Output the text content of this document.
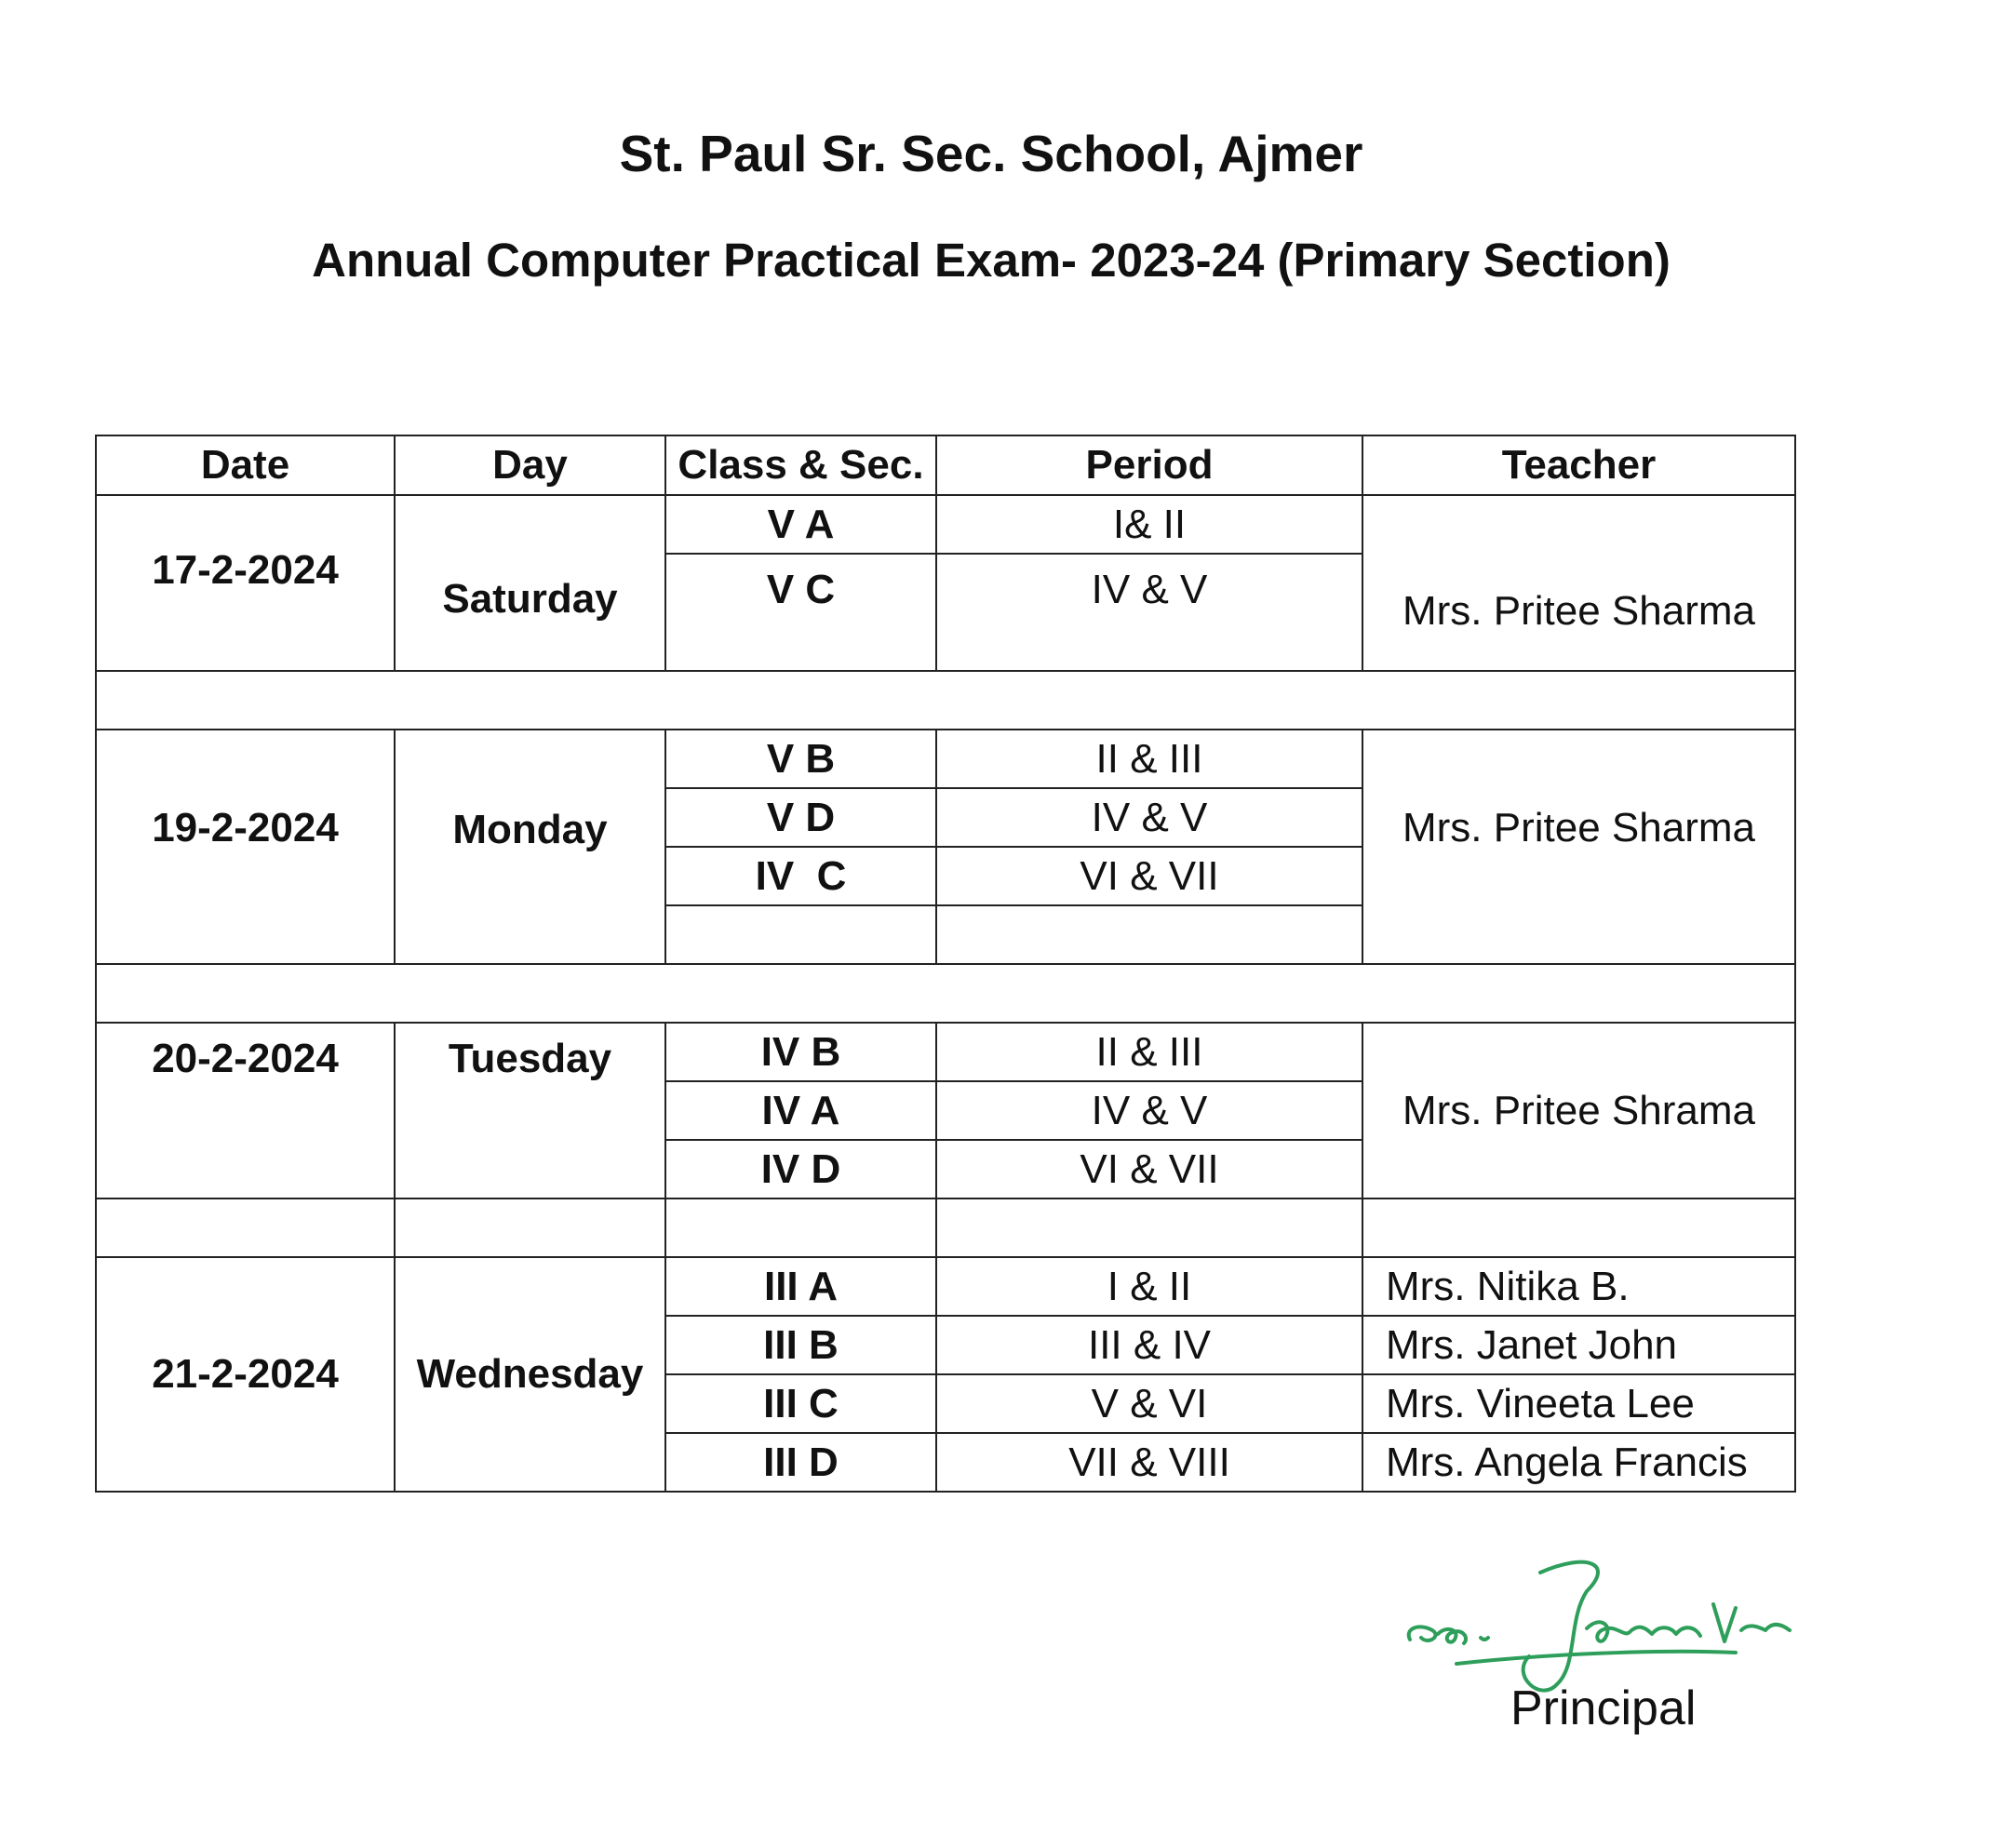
St. Paul Sr. Sec. School, Ajmer
Annual Computer Practical Exam- 2023-24 (Primary Section)
Date	Day	Class & Sec.	Period	Teacher
17-2-2024	Saturday	V A	I& II	Mrs. Pritee Sharma
		V C	IV & V	

19-2-2024	Monday	V B	II & III	Mrs. Pritee Sharma
		V D	IV & V	
		IV  C	VI & VII	

20-2-2024	Tuesday	IV B	II & III	Mrs. Pritee Shrama
		IV A	IV & V	
		IV D	VI & VII	

21-2-2024	Wednesday	III A	I & II	Mrs. Nitika B.
		III B	III & IV	Mrs. Janet John
		III C	V & VI	Mrs. Vineeta Lee
		III D	VII & VIII	Mrs. Angela Francis

Principal
